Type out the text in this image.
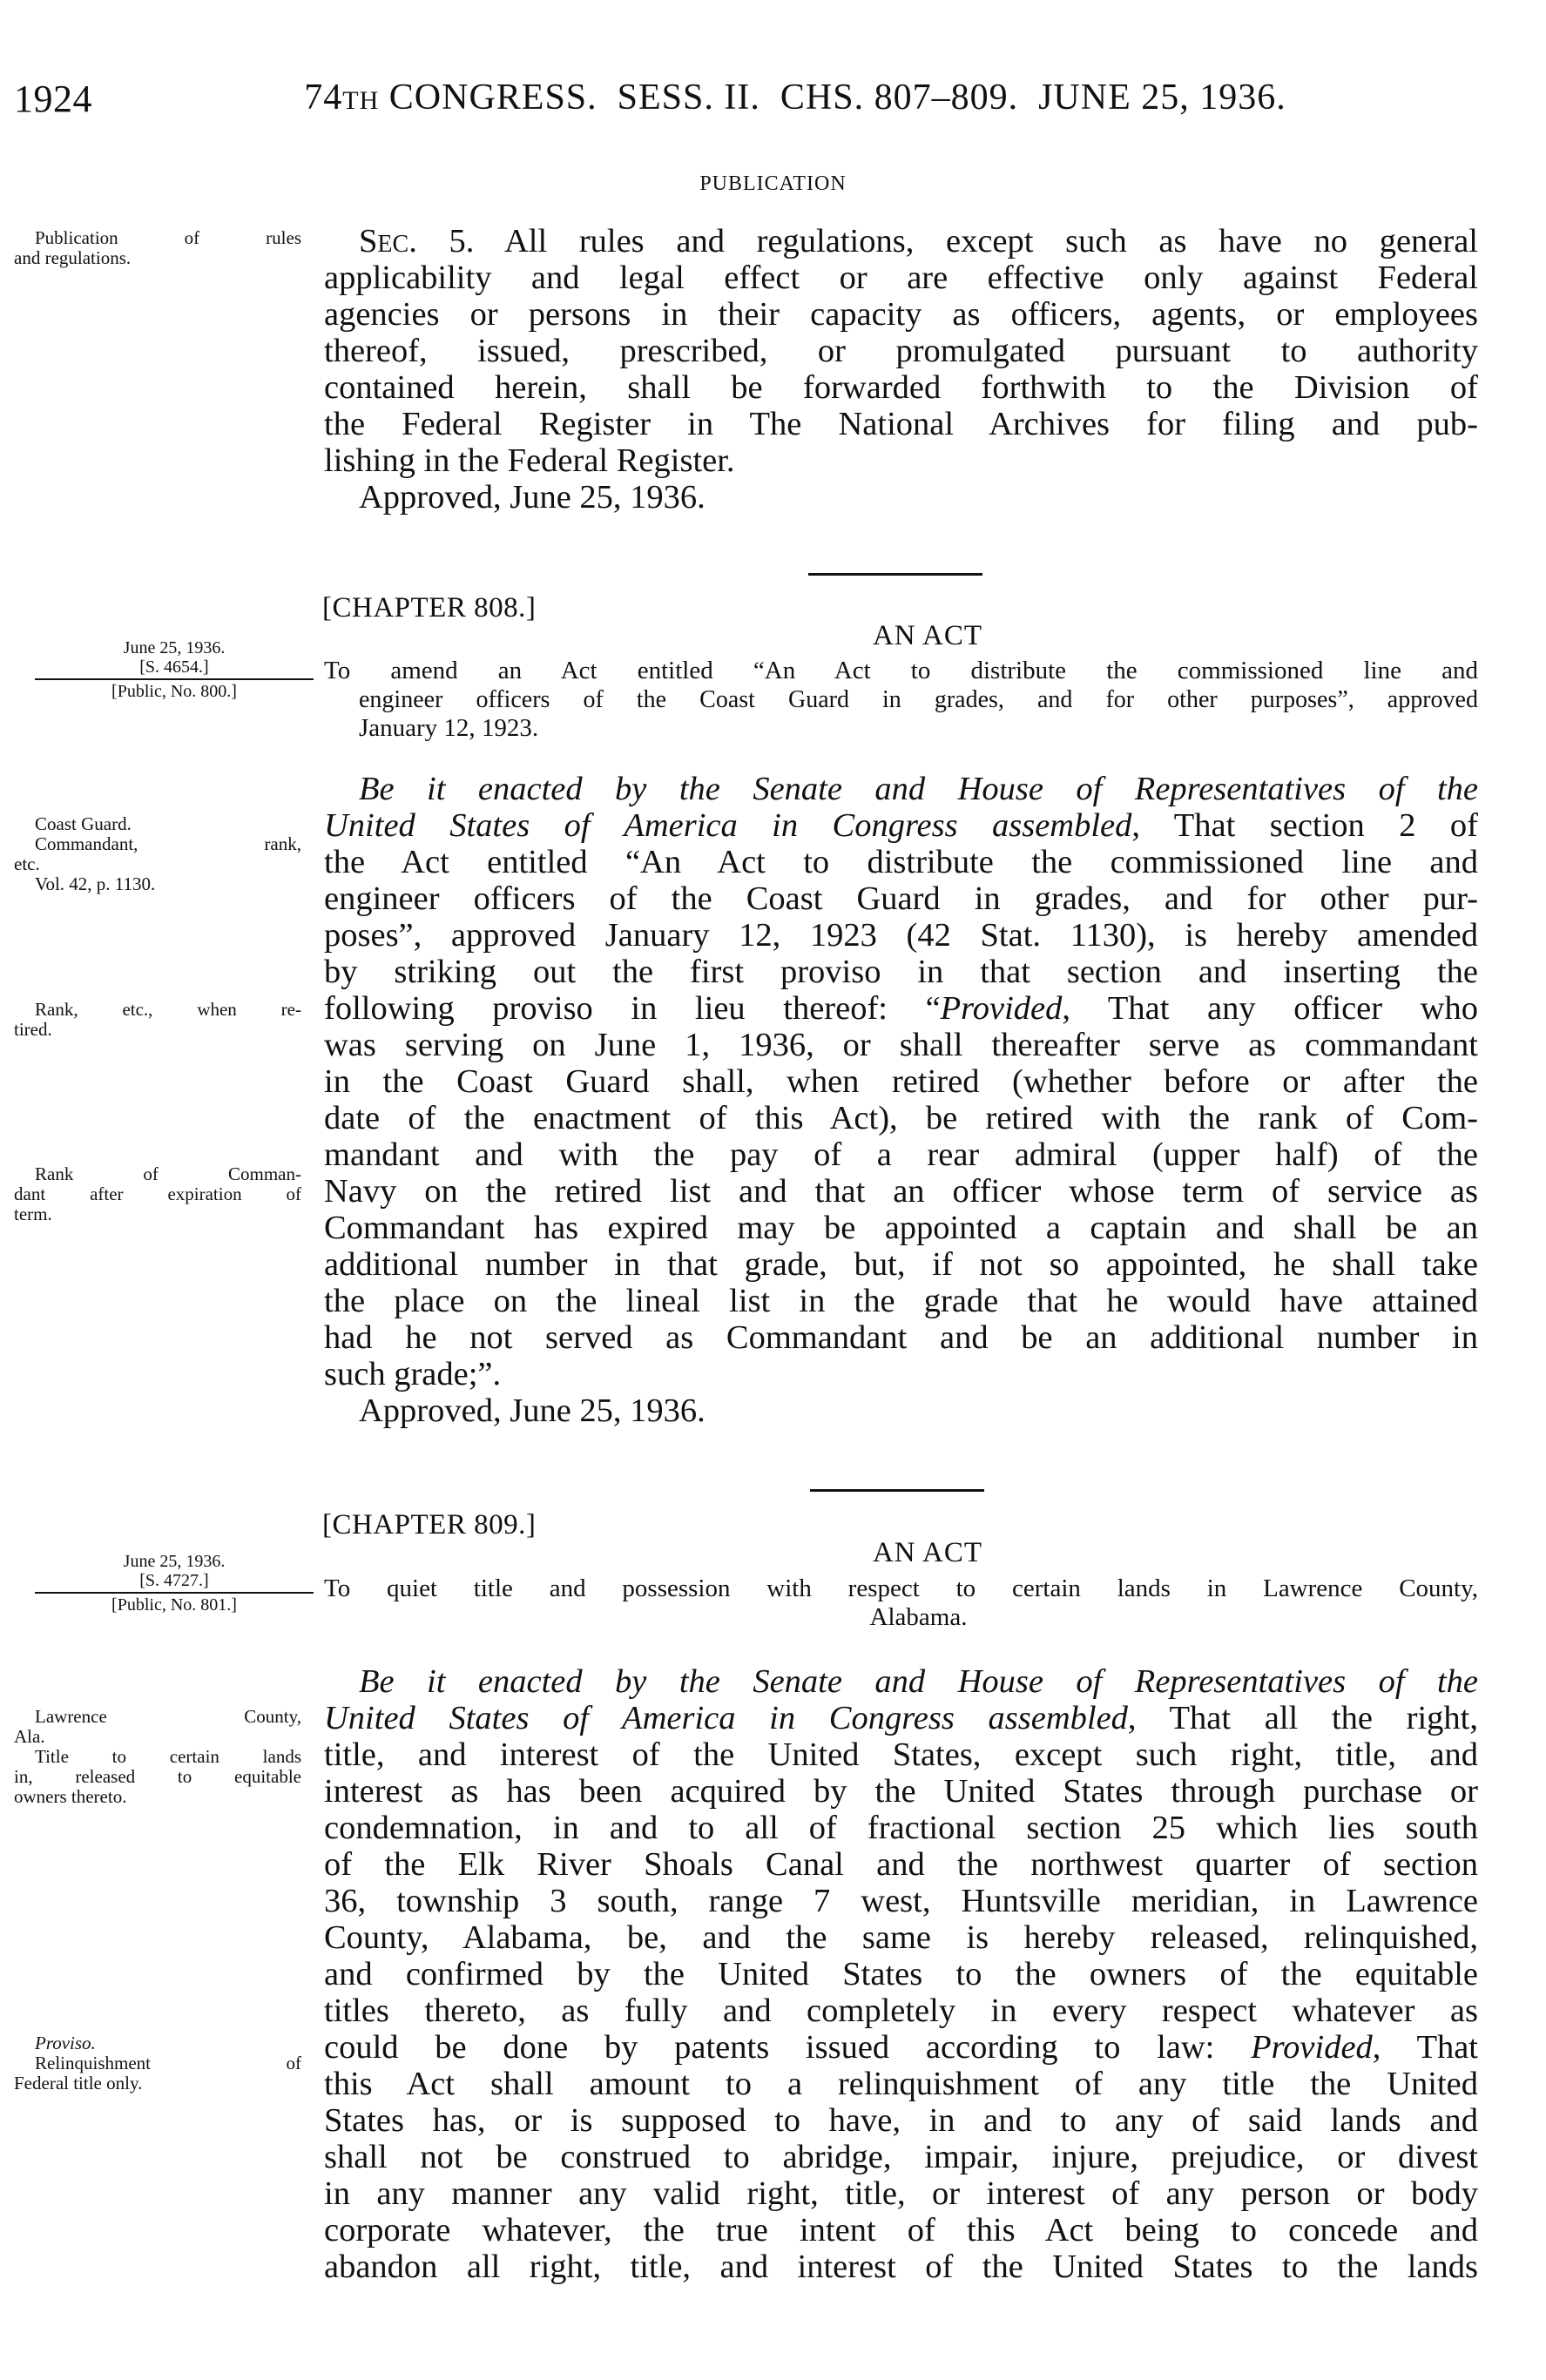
1924	74TH CONGRESS.  SESS. II.  CHS. 807–809.  JUNE 25, 1936.
PUBLICATION
Publication of rules
and regulations.	SEC. 5. All rules and regulations, except such as have no general
applicability and legal effect or are effective only against Federal
agencies or persons in their capacity as officers, agents, or employees
thereof, issued, prescribed, or promulgated pursuant to authority
contained herein, shall be forwarded forthwith to the Division of
the Federal Register in The National Archives for filing and pub-
lishing in the Federal Register.
Approved, June 25, 1936.
[CHAPTER 808.]
AN ACT
June 25, 1936.
[S. 4654.]
[Public, No. 800.]
To amend an Act entitled “An Act to distribute the commissioned line and
engineer officers of the Coast Guard in grades, and for other purposes”, approved
January 12, 1923.
Coast Guard.
Commandant, rank,
etc.
Vol. 42, p. 1130.
Rank, etc., when re-
tired.
Rank of Comman-
dant after expiration of
term.
Be it enacted by the Senate and House of Representatives of the
United States of America in Congress assembled, That section 2 of
the Act entitled “An Act to distribute the commissioned line and
engineer officers of the Coast Guard in grades, and for other pur-
poses”, approved January 12, 1923 (42 Stat. 1130), is hereby amended
by striking out the first proviso in that section and inserting the
following proviso in lieu thereof: “Provided, That any officer who
was serving on June 1, 1936, or shall thereafter serve as commandant
in the Coast Guard shall, when retired (whether before or after the
date of the enactment of this Act), be retired with the rank of Com-
mandant and with the pay of a rear admiral (upper half) of the
Navy on the retired list and that an officer whose term of service as
Commandant has expired may be appointed a captain and shall be an
additional number in that grade, but, if not so appointed, he shall take
the place on the lineal list in the grade that he would have attained
had he not served as Commandant and be an additional number in
such grade;”.
Approved, June 25, 1936.
[CHAPTER 809.]
AN ACT
June 25, 1936.
[S. 4727.]
[Public, No. 801.]
To quiet title and possession with respect to certain lands in Lawrence County,
Alabama.
Lawrence County,
Ala.
Title to certain lands
in, released to equitable
owners thereto.
Proviso.
Relinquishment of
Federal title only.
Be it enacted by the Senate and House of Representatives of the
United States of America in Congress assembled, That all the right,
title, and interest of the United States, except such right, title, and
interest as has been acquired by the United States through purchase or
condemnation, in and to all of fractional section 25 which lies south
of the Elk River Shoals Canal and the northwest quarter of section
36, township 3 south, range 7 west, Huntsville meridian, in Lawrence
County, Alabama, be, and the same is hereby released, relinquished,
and confirmed by the United States to the owners of the equitable
titles thereto, as fully and completely in every respect whatever as
could be done by patents issued according to law: Provided, That
this Act shall amount to a relinquishment of any title the United
States has, or is supposed to have, in and to any of said lands and
shall not be construed to abridge, impair, injure, prejudice, or divest
in any manner any valid right, title, or interest of any person or body
corporate whatever, the true intent of this Act being to concede and
abandon all right, title, and interest of the United States to the lands
